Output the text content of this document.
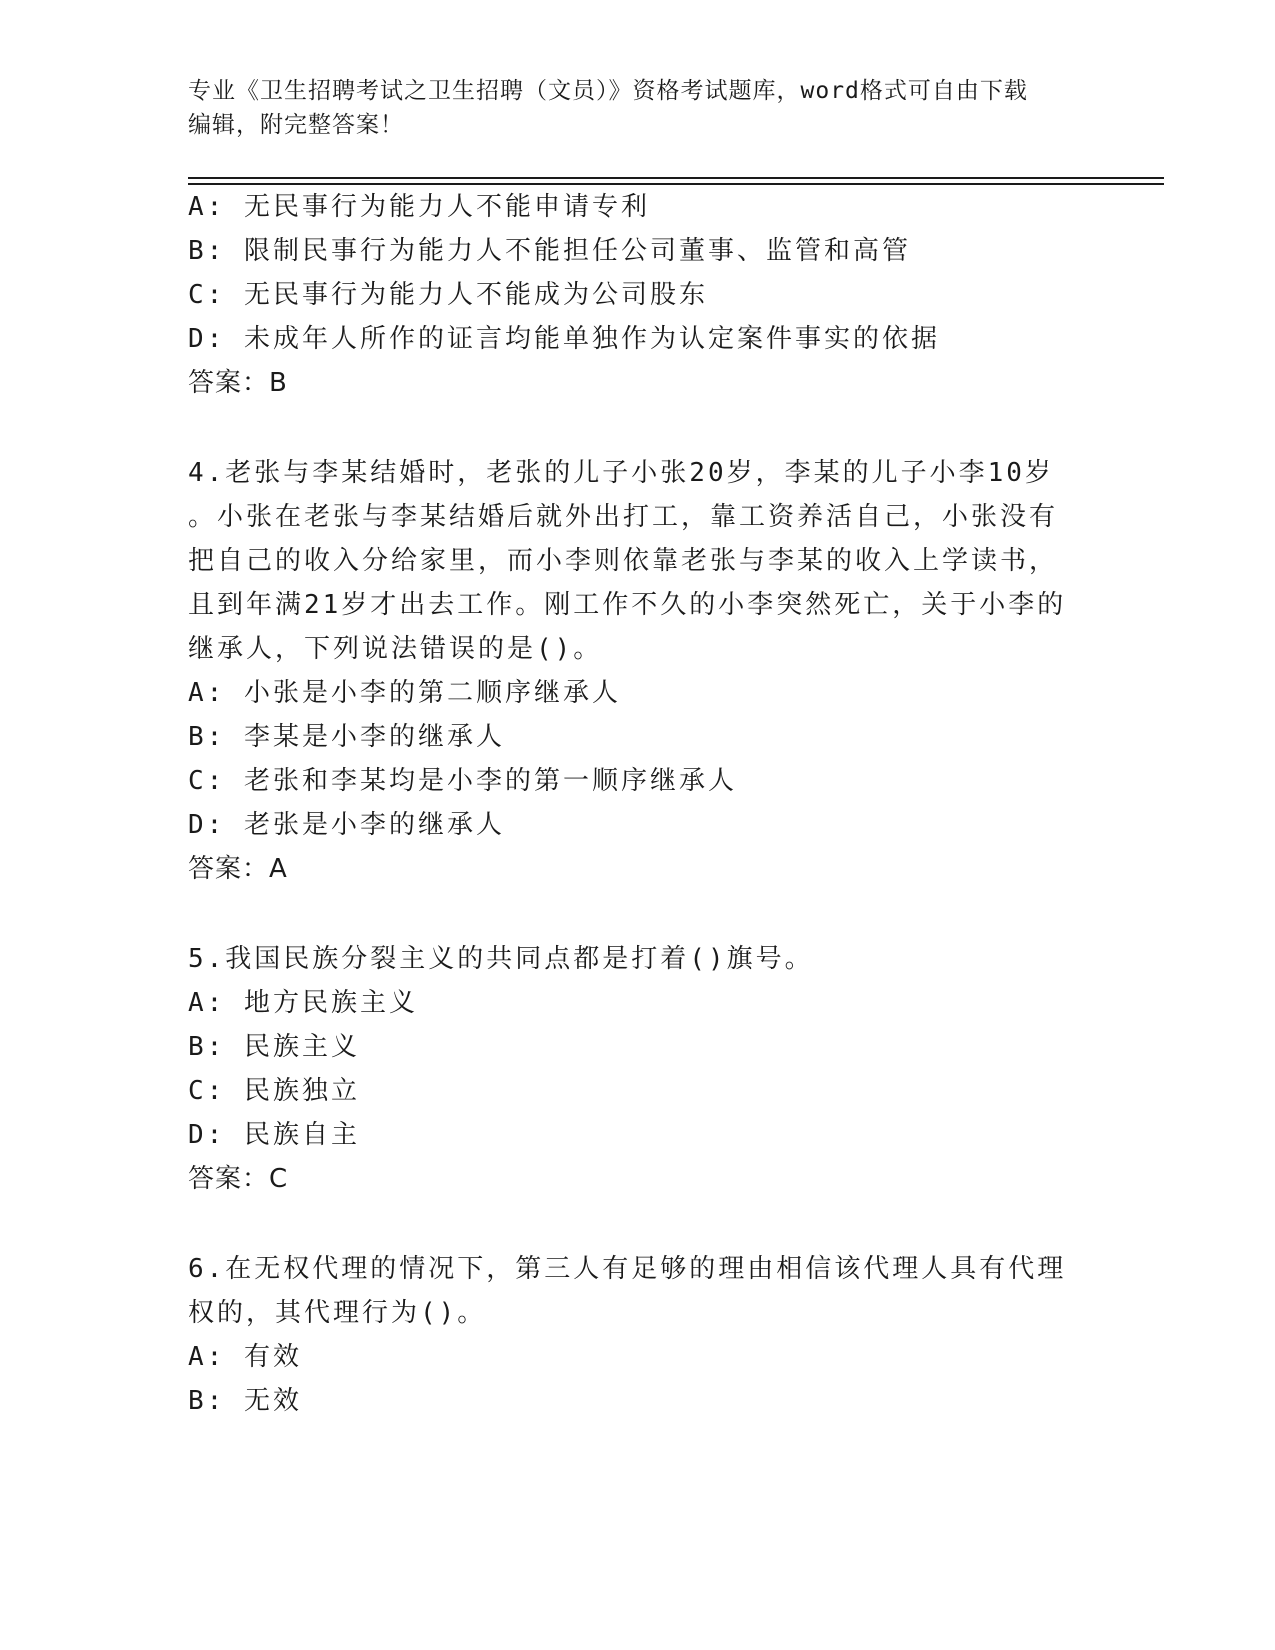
专业《卫生招聘考试之卫生招聘（文员）》资格考试题库，word格式可自由下载

编辑，附完整答案！

A: 无民事行为能力人不能申请专利
B: 限制民事行为能力人不能担任公司董事、监管和高管
C: 无民事行为能力人不能成为公司股东
D: 未成年人所作的证言均能单独作为认定案件事实的依据
答案：B
4.老张与李某结婚时，老张的儿子小张20岁，李某的儿子小李10岁
。小张在老张与李某结婚后就外出打工，靠工资养活自己，小张没有
把自己的收入分给家里，而小李则依靠老张与李某的收入上学读书，
且到年满21岁才出去工作。刚工作不久的小李突然死亡，关于小李的
继承人，下列说法错误的是()。
A: 小张是小李的第二顺序继承人
B: 李某是小李的继承人
C: 老张和李某均是小李的第一顺序继承人
D: 老张是小李的继承人
答案：A
5.我国民族分裂主义的共同点都是打着()旗号。
A: 地方民族主义
B: 民族主义
C: 民族独立
D: 民族自主
答案：C
6.在无权代理的情况下，第三人有足够的理由相信该代理人具有代理
权的，其代理行为()。
A: 有效
B: 无效
